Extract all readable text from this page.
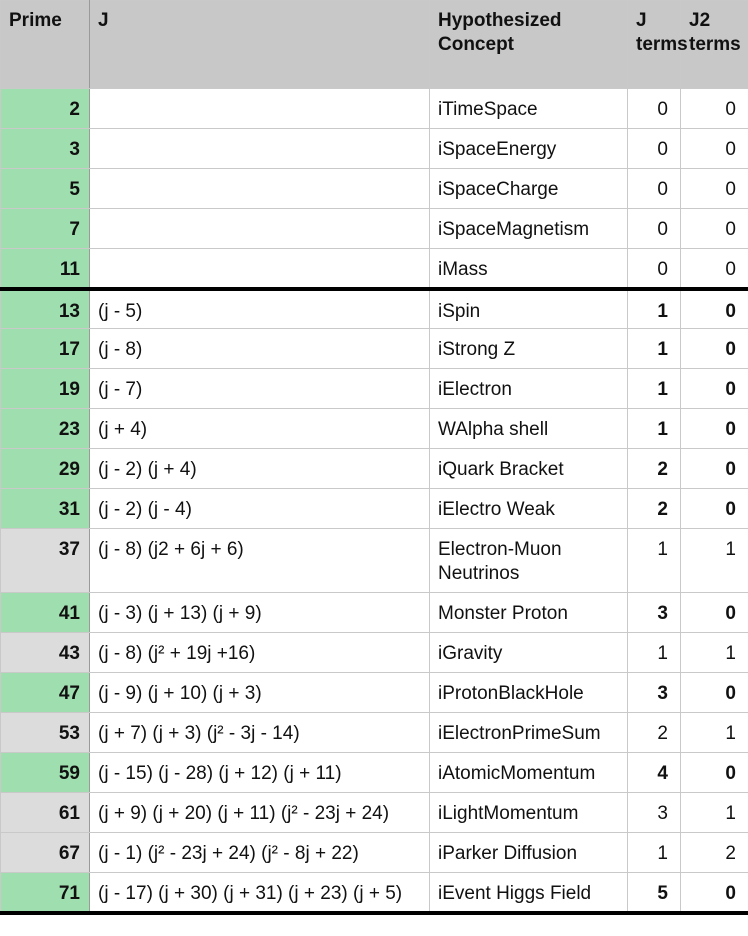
Prime	J	Hypothesized Concept	J terms	J2 terms
2		iTimeSpace	0	0
3		iSpaceEnergy	0	0
5		iSpaceCharge	0	0
7		iSpaceMagnetism	0	0
11		iMass	0	0
13	(j - 5)	iSpin	1	0
17	(j - 8)	iStrong Z	1	0
19	(j - 7)	iElectron	1	0
23	(j + 4)	WAlpha shell	1	0
29	(j - 2) (j + 4)	iQuark Bracket	2	0
31	(j - 2) (j - 4)	iElectro Weak	2	0
37	(j - 8) (j2 + 6j + 6)	Electron-Muon Neutrinos	1	1
41	(j - 3) (j + 13) (j + 9)	Monster Proton	3	0
43	(j - 8) (j² + 19j +16)	iGravity	1	1
47	(j - 9) (j + 10) (j + 3)	iProtonBlackHole	3	0
53	(j + 7) (j + 3) (j² - 3j - 14)	iElectronPrimeSum	2	1
59	(j - 15) (j - 28) (j + 12) (j + 11)	iAtomicMomentum	4	0
61	(j + 9) (j + 20) (j + 11) (j² - 23j + 24)	iLightMomentum	3	1
67	(j - 1) (j² - 23j + 24) (j² - 8j + 22)	iParker Diffusion	1	2
71	(j - 17) (j + 30) (j + 31) (j + 23) (j + 5)	iEvent Higgs Field	5	0
